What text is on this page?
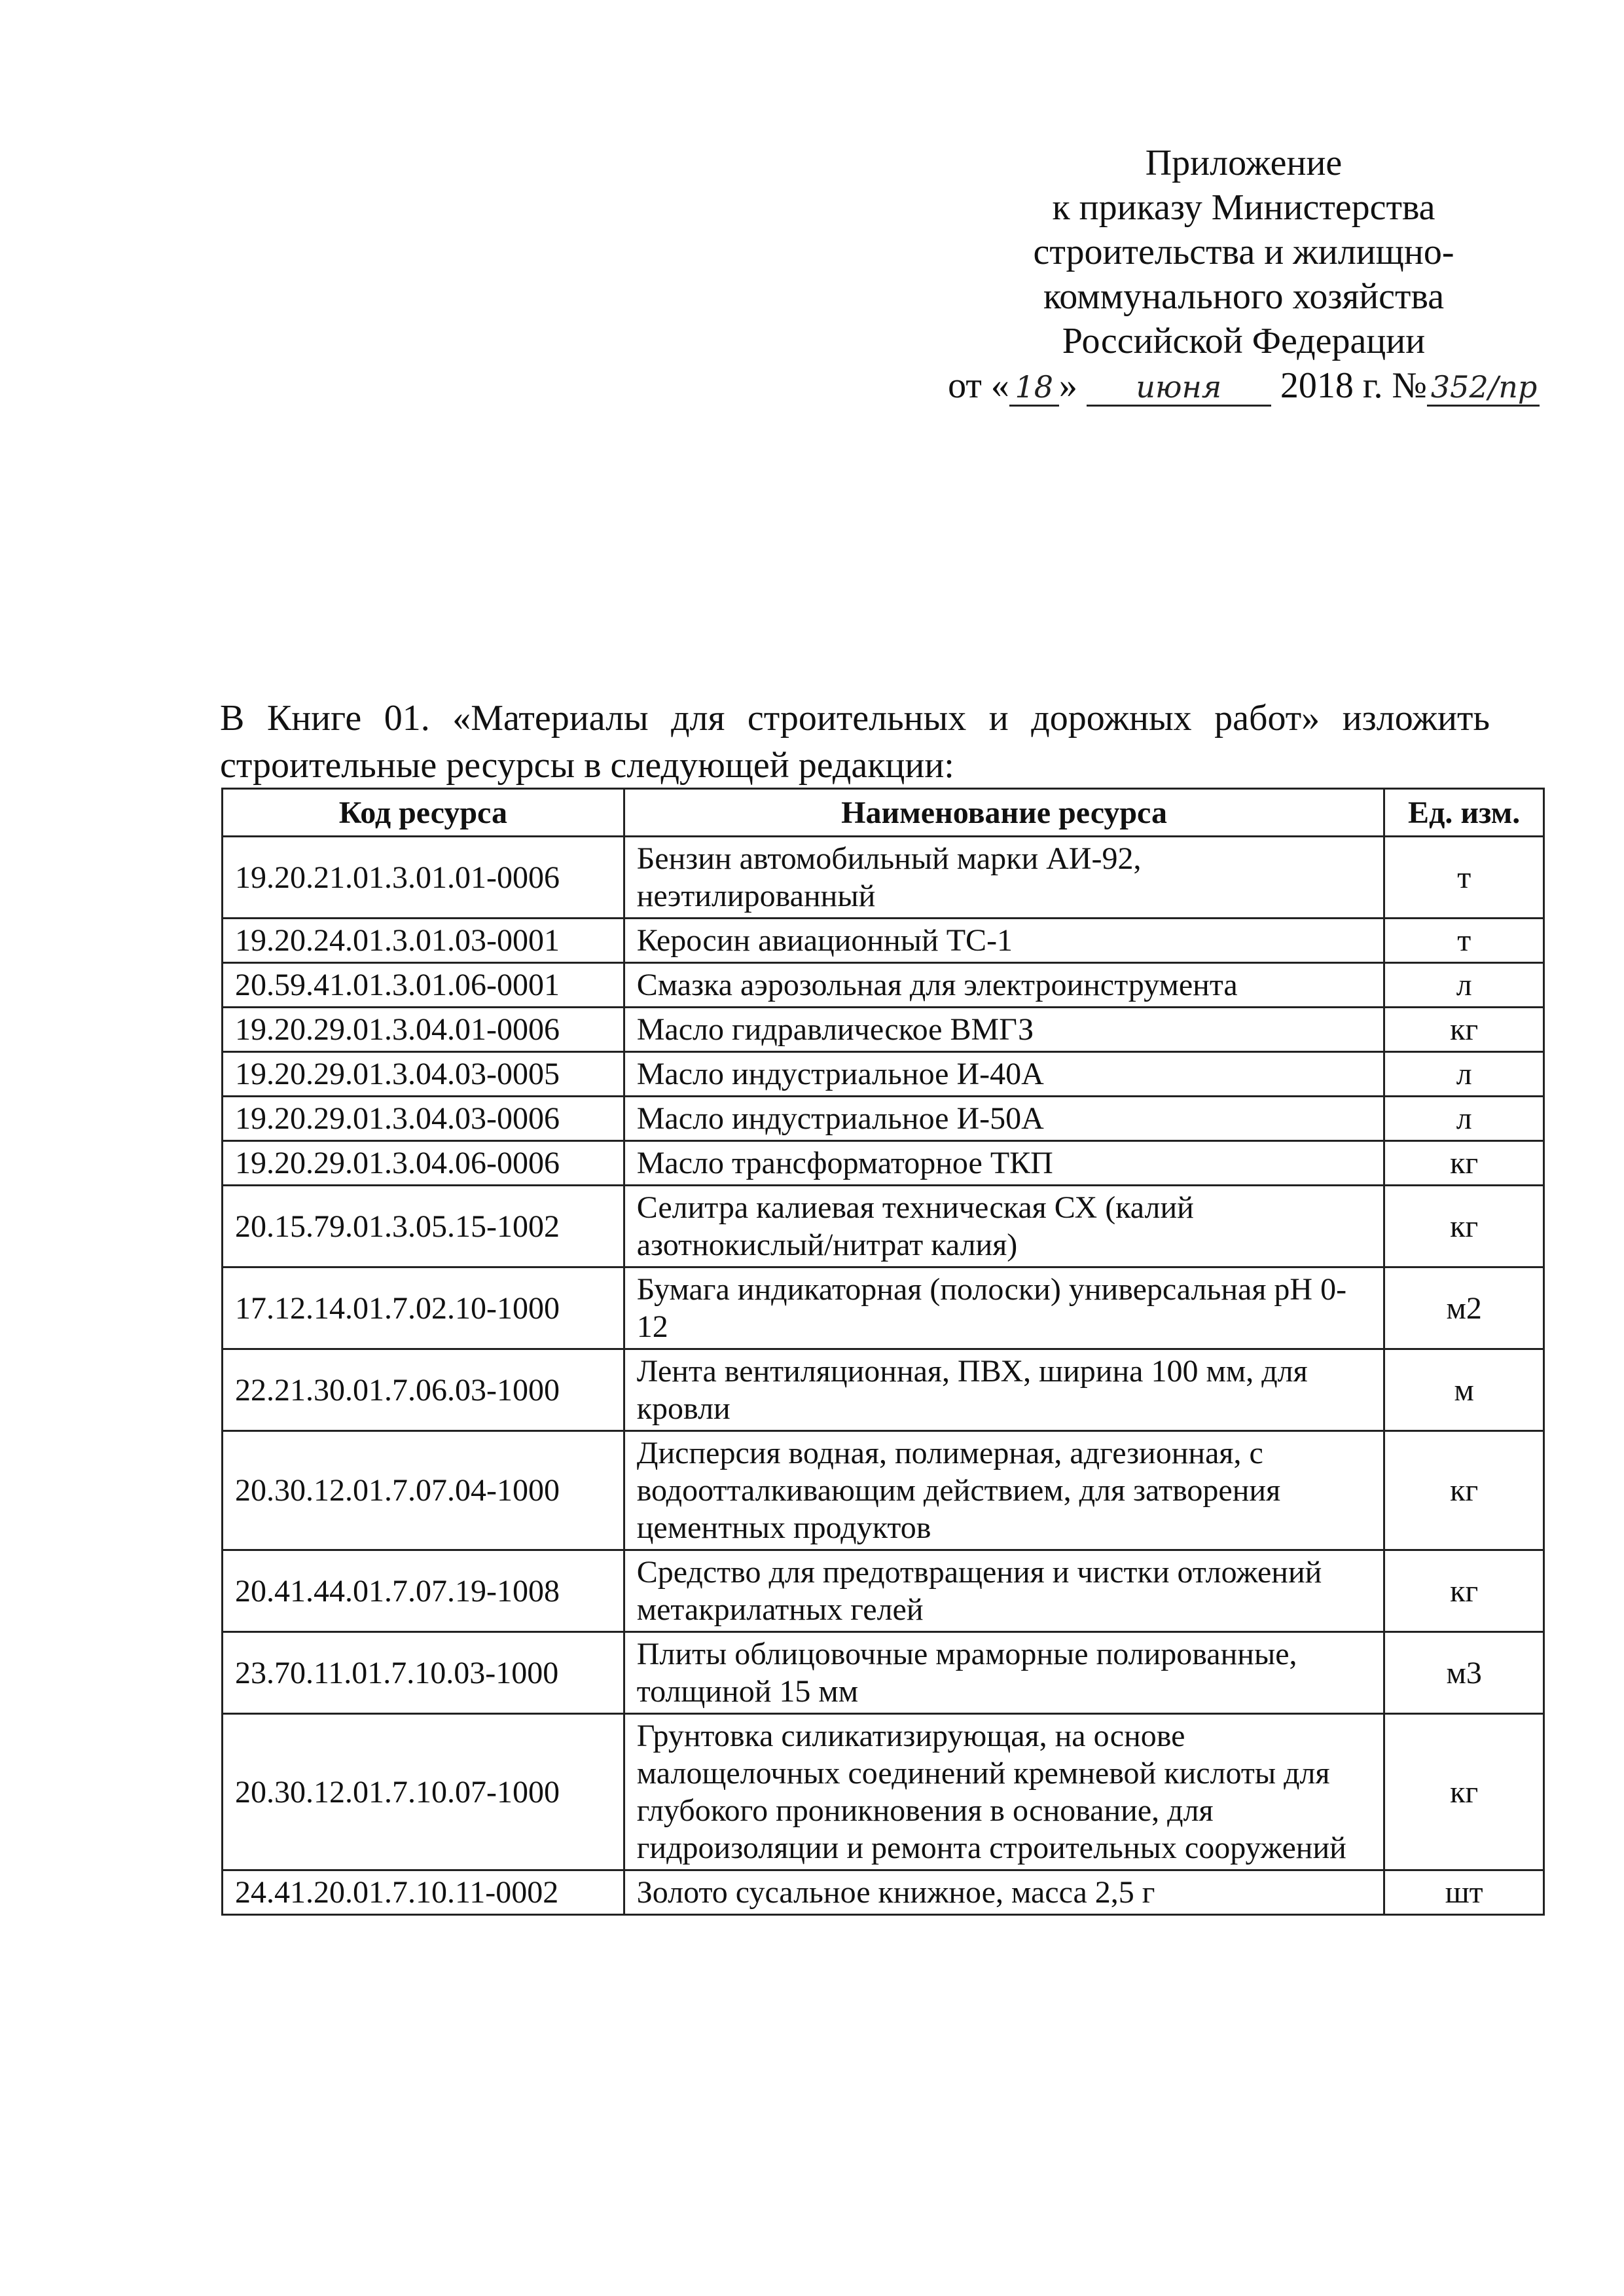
Приложение
к приказу Министерства
строительства и жилищно-
коммунального хозяйства
Российской Федерации
от « 18 » июня 2018 г. № 352/пр

В Книге 01. «Материалы для строительных и дорожных работ» изложить строительные ресурсы в следующей редакции:

Код ресурса	Наименование ресурса	Ед. изм.
19.20.21.01.3.01.01-0006	Бензин автомобильный марки АИ-92, неэтилированный	т
19.20.24.01.3.01.03-0001	Керосин авиационный ТС-1	т
20.59.41.01.3.01.06-0001	Смазка аэрозольная для электроинструмента	л
19.20.29.01.3.04.01-0006	Масло гидравлическое ВМГЗ	кг
19.20.29.01.3.04.03-0005	Масло индустриальное И-40А	л
19.20.29.01.3.04.03-0006	Масло индустриальное И-50А	л
19.20.29.01.3.04.06-0006	Масло трансформаторное ТКП	кг
20.15.79.01.3.05.15-1002	Селитра калиевая техническая СХ (калий азотнокислый/нитрат калия)	кг
17.12.14.01.7.02.10-1000	Бумага индикаторная (полоски) универсальная pH 0-12	м2
22.21.30.01.7.06.03-1000	Лента вентиляционная, ПВХ, ширина 100 мм, для кровли	м
20.30.12.01.7.07.04-1000	Дисперсия водная, полимерная, адгезионная, с водоотталкивающим действием, для затворения цементных продуктов	кг
20.41.44.01.7.07.19-1008	Средство для предотвращения и чистки отложений метакрилатных гелей	кг
23.70.11.01.7.10.03-1000	Плиты облицовочные мраморные полированные, толщиной 15 мм	м3
20.30.12.01.7.10.07-1000	Грунтовка силикатизирующая, на основе малощелочных соединений кремневой кислоты для глубокого проникновения в основание, для гидроизоляции и ремонта строительных сооружений	кг
24.41.20.01.7.10.11-0002	Золото сусальное книжное, масса 2,5 г	шт
